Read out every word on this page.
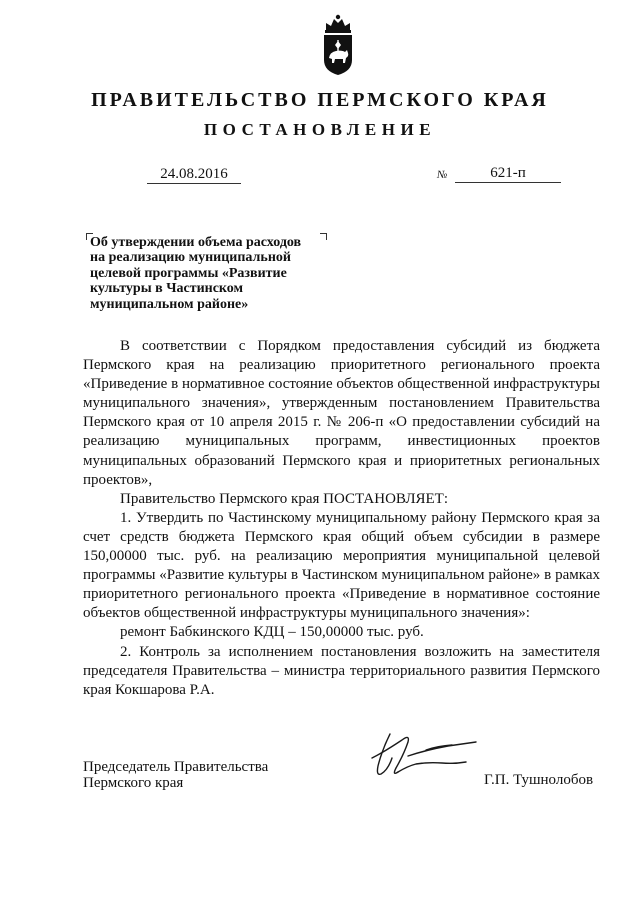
ПРАВИТЕЛЬСТВО ПЕРМСКОГО КРАЯ
ПОСТАНОВЛЕНИЕ
24.08.2016	№	621-п
Об утверждении объема расходов
на реализацию муниципальной
целевой программы «Развитие
культуры в Частинском
муниципальном районе»

В соответствии с Порядком предоставления субсидий из бюджета Пермского края на реализацию приоритетного регионального проекта «Приведение в нормативное состояние объектов общественной инфраструктуры муниципального значения», утвержденным постановлением Правительства Пермского края от 10 апреля 2015 г. № 206-п «О предоставлении субсидий на реализацию муниципальных программ, инвестиционных проектов муниципальных образований Пермского края и приоритетных региональных проектов»,

Правительство Пермского края ПОСТАНОВЛЯЕТ:

1. Утвердить по Частинскому муниципальному району Пермского края за счет средств бюджета Пермского края общий объем субсидии в размере 150,00000 тыс. руб. на реализацию мероприятия муниципальной целевой программы «Развитие культуры в Частинском муниципальном районе» в рамках приоритетного регионального проекта «Приведение в нормативное состояние объектов общественной инфраструктуры муниципального значения»:

ремонт Бабкинского КДЦ – 150,00000 тыс. руб.

2. Контроль за исполнением постановления возложить на заместителя председателя Правительства – министра территориального развития Пермского края Кокшарова Р.А.

Председатель Правительства
Пермского края	Г.П. Тушнолобов
